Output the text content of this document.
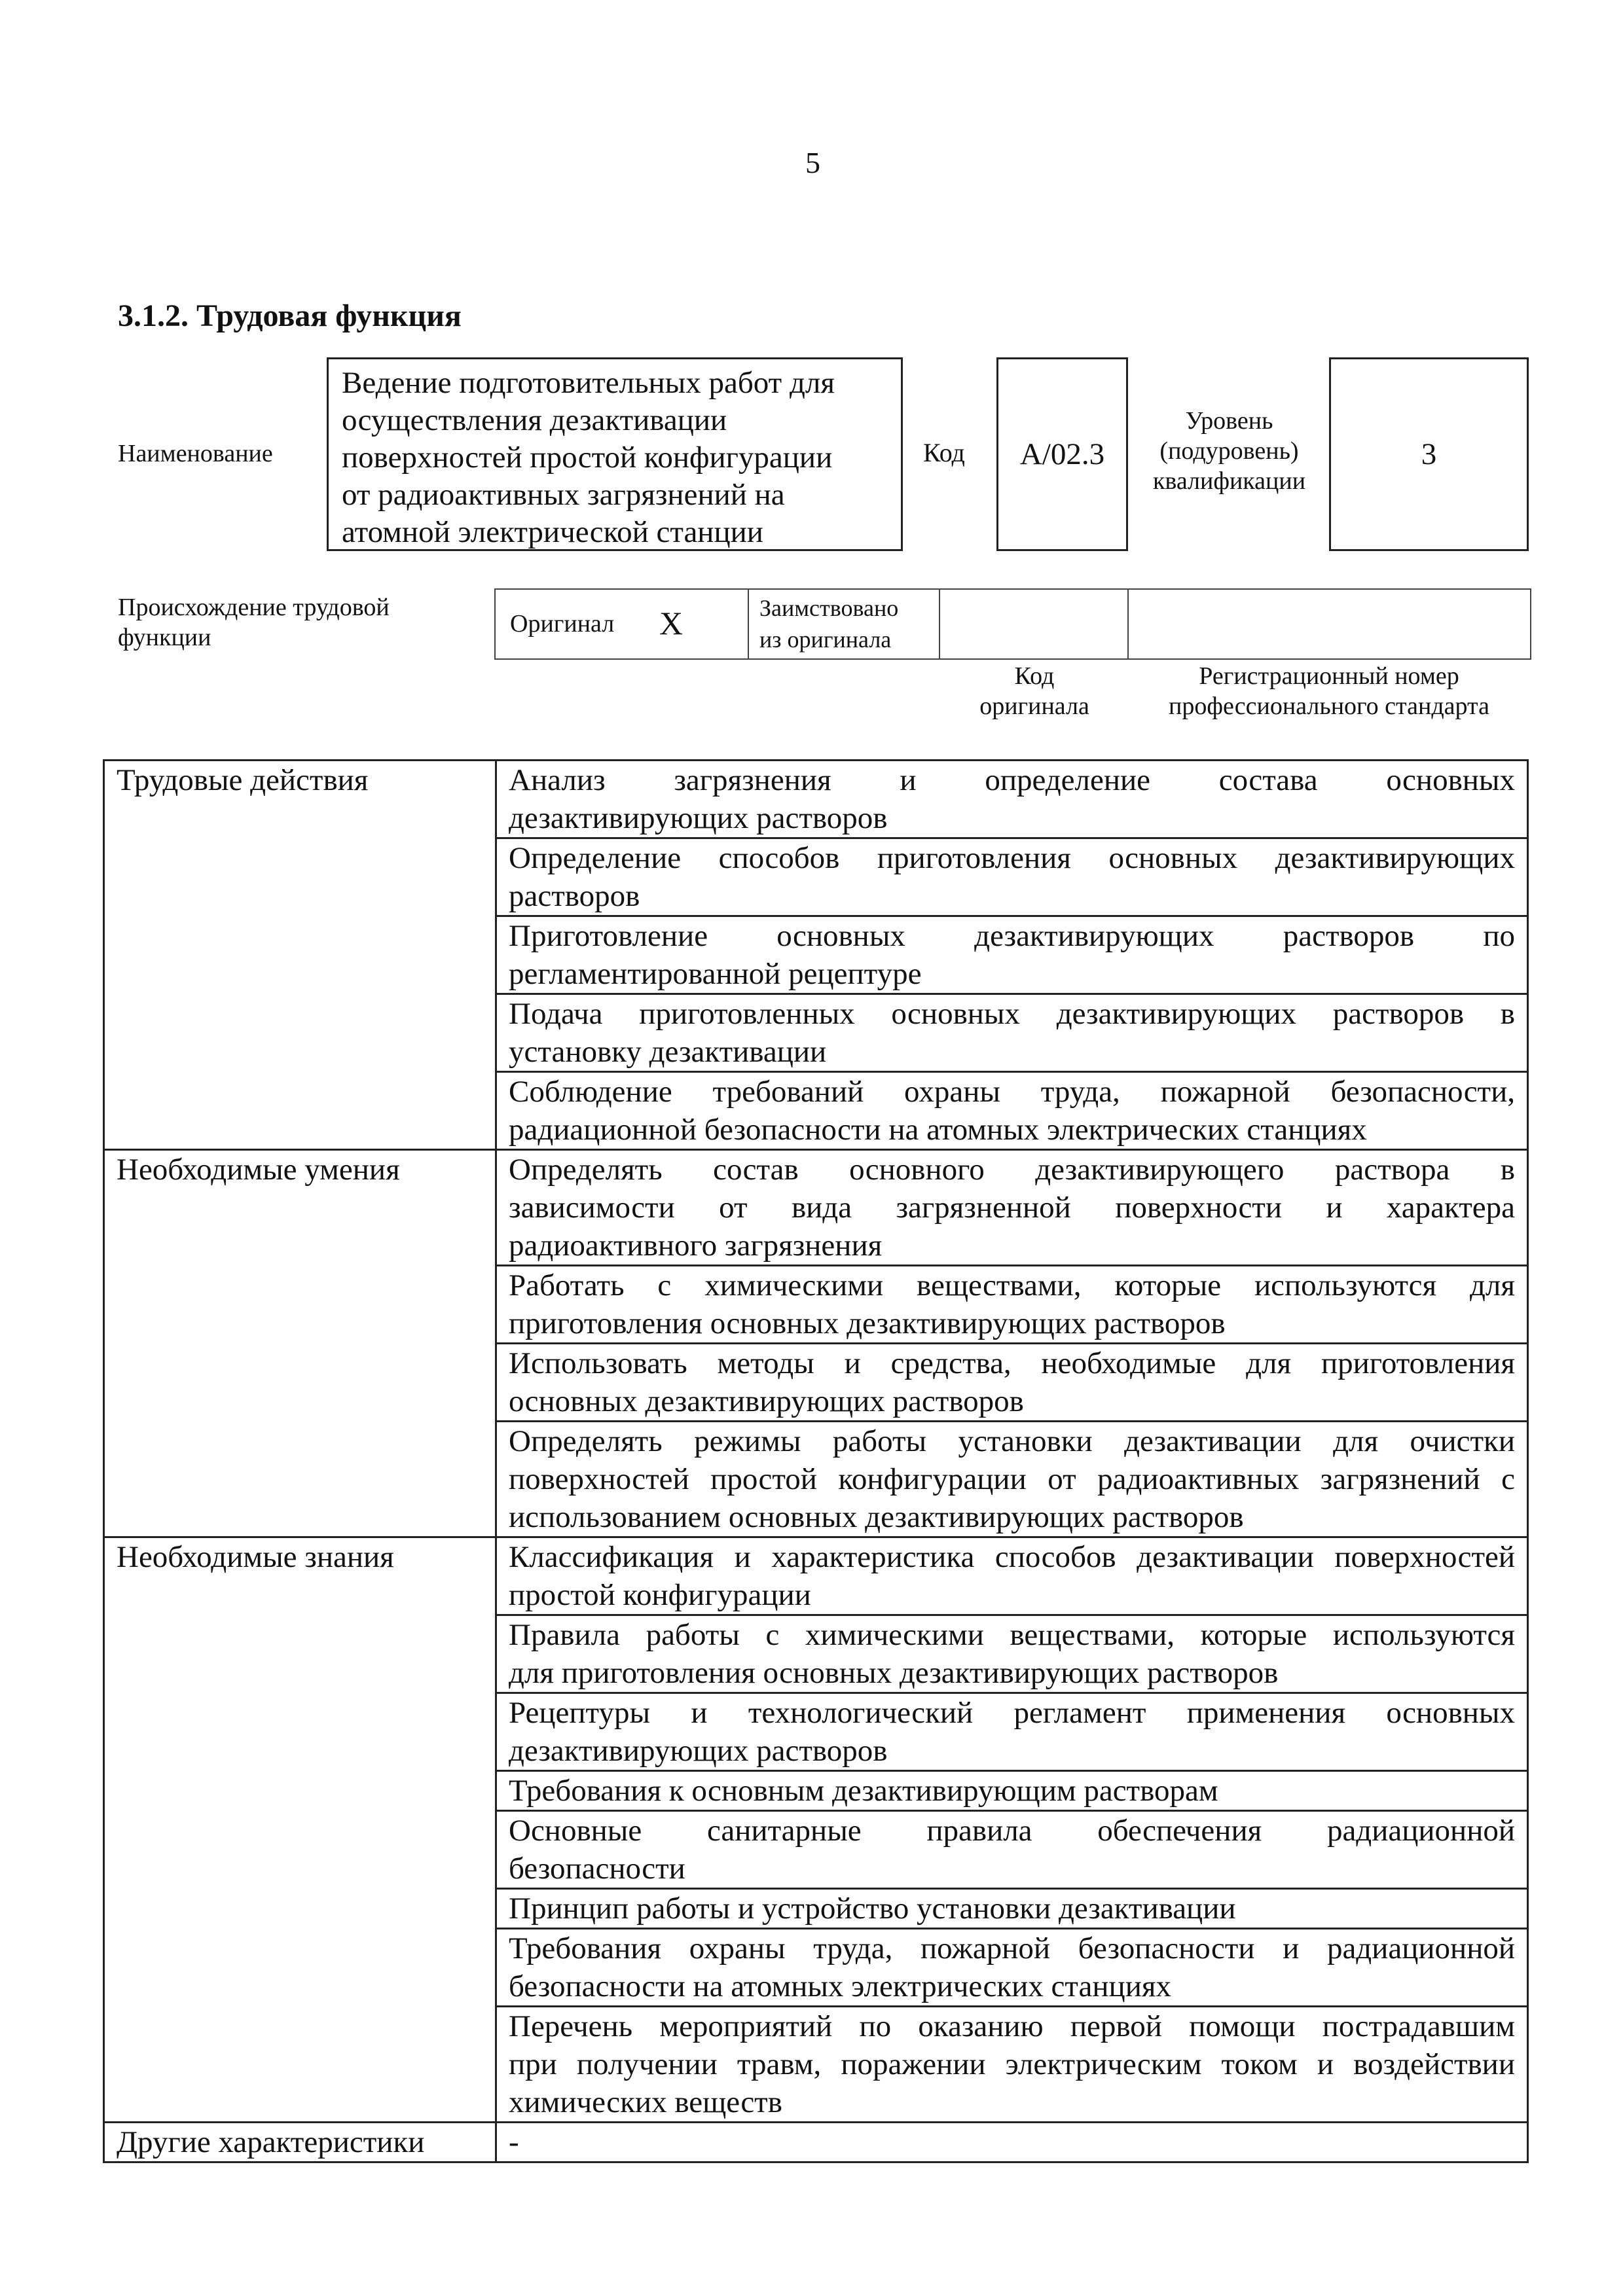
5
3.1.2. Трудовая функция
Наименование
Ведение подготовительных работ для
осуществления дезактивации
поверхностей простой конфигурации
от радиоактивных загрязнений на
атомной электрической станции
Код	A/02.3
Уровень
(подуровень)
квалификации
3
Происхождение трудовой
функции	Оригинал X	Заимствовано
из оригинала
Код
оригинала
Регистрационный номер
профессионального стандарта
Трудовые действия	Анализ загрязнения и определение состава основных
дезактивирующих растворов

	Определение способов приготовления основных дезактивирующих
растворов

	Приготовление основных дезактивирующих растворов по
регламентированной рецептуре

	Подача приготовленных основных дезактивирующих растворов в
установку дезактивации

	Соблюдение требований охраны труда, пожарной безопасности,
радиационной безопасности на атомных электрических станциях

Необходимые умения	Определять состав основного дезактивирующего раствора в
зависимости от вида загрязненной поверхности и характера
радиоактивного загрязнения

	Работать с химическими веществами, которые используются для
приготовления основных дезактивирующих растворов

	Использовать методы и средства, необходимые для приготовления
основных дезактивирующих растворов

	Определять режимы работы установки дезактивации для очистки
поверхностей простой конфигурации от радиоактивных загрязнений с
использованием основных дезактивирующих растворов

Необходимые знания	Классификация и характеристика способов дезактивации поверхностей
простой конфигурации

	Правила работы с химическими веществами, которые используются
для приготовления основных дезактивирующих растворов

	Рецептуры и технологический регламент применения основных
дезактивирующих растворов

	Требования к основным дезактивирующим растворам

	Основные санитарные правила обеспечения радиационной
безопасности

	Принцип работы и устройство установки дезактивации

	Требования охраны труда, пожарной безопасности и радиационной
безопасности на атомных электрических станциях

	Перечень мероприятий по оказанию первой помощи пострадавшим
при получении травм, поражении электрическим током и воздействии
химических веществ

Другие характеристики	-
